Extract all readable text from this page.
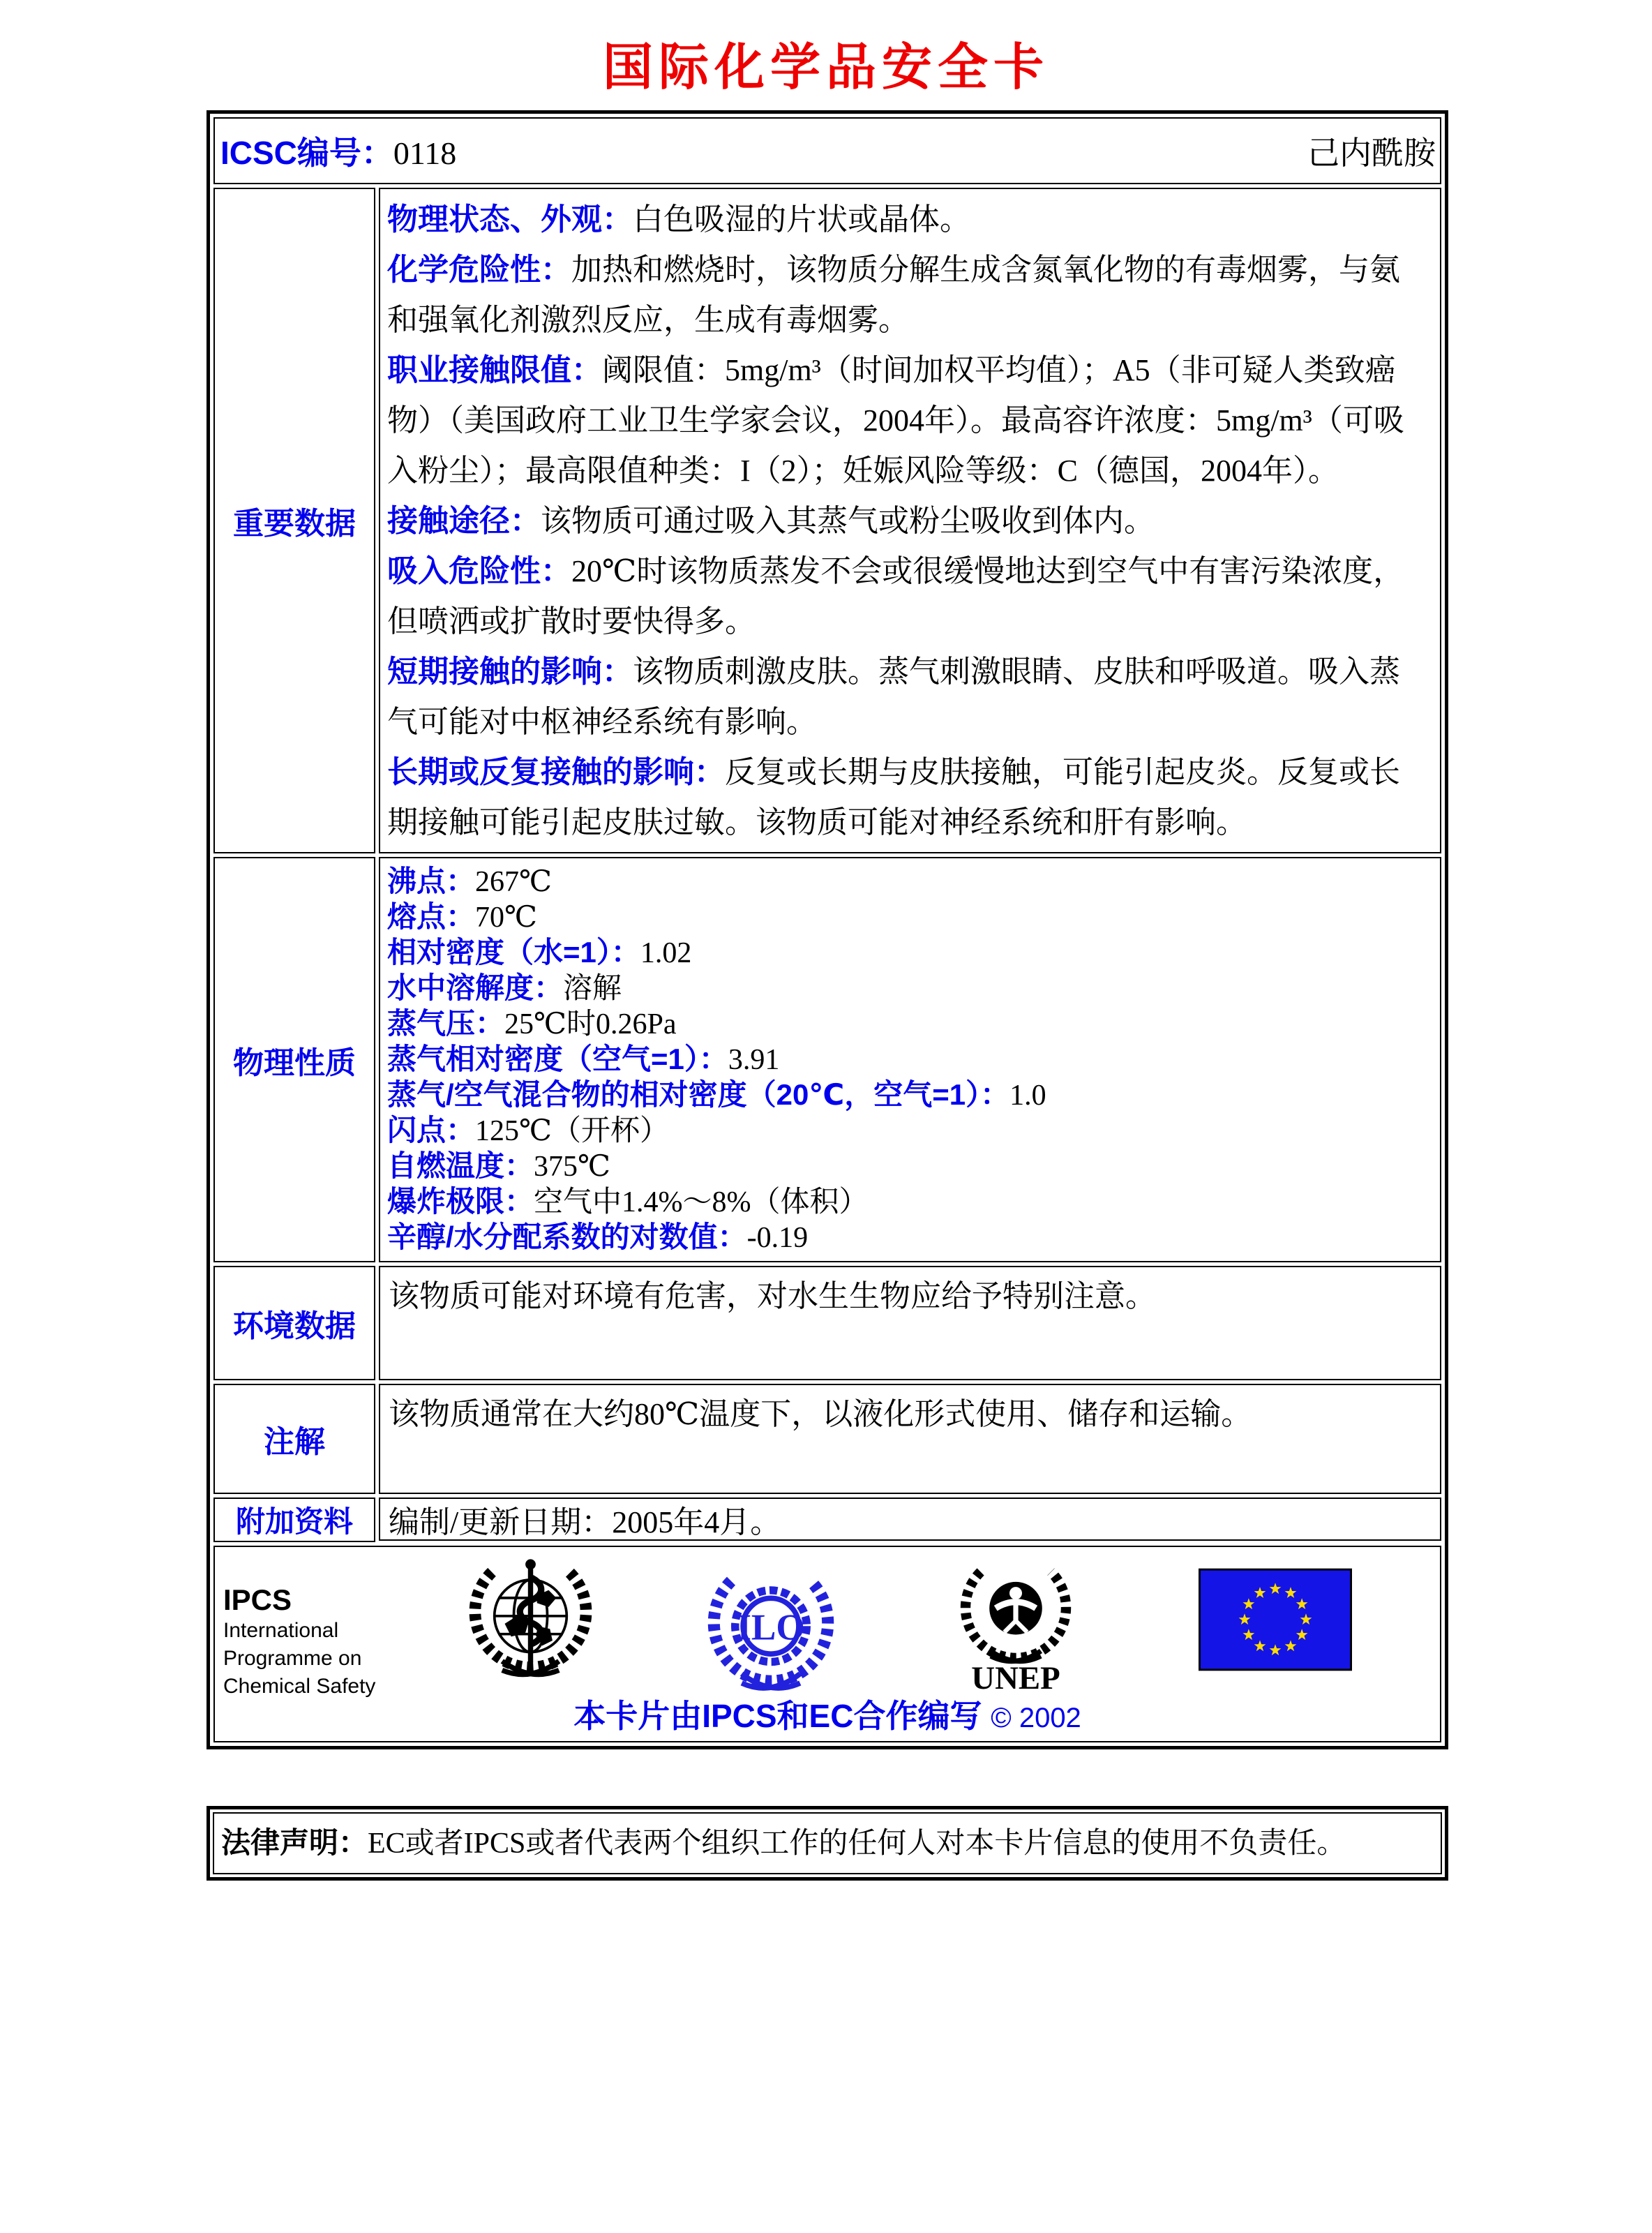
国际化学品安全卡
ICSC编号：0118	己内酰胺
重要数据

物理状态、外观：白色吸湿的片状或晶体。

化学危险性：加热和燃烧时，该物质分解生成含氮氧化物的有毒烟雾，与氨和强氧化剂激烈反应，生成有毒烟雾。

职业接触限值：阈限值：5mg/m³（时间加权平均值）；A5（非可疑人类致癌物）（美国政府工业卫生学家会议，2004年）。最高容许浓度：5mg/m³（可吸入粉尘）；最高限值种类：I（2）；妊娠风险等级：C（德国，2004年）。

接触途径：该物质可通过吸入其蒸气或粉尘吸收到体内。

吸入危险性：20℃时该物质蒸发不会或很缓慢地达到空气中有害污染浓度，但喷洒或扩散时要快得多。

短期接触的影响：该物质刺激皮肤。蒸气刺激眼睛、皮肤和呼吸道。吸入蒸气可能对中枢神经系统有影响。

长期或反复接触的影响：反复或长期与皮肤接触，可能引起皮炎。反复或长期接触可能引起皮肤过敏。该物质可能对神经系统和肝有影响。

物理性质
沸点：267℃
熔点：70℃
相对密度（水=1）：1.02
水中溶解度：溶解
蒸气压：25℃时0.26Pa
蒸气相对密度（空气=1）：3.91
蒸气/空气混合物的相对密度（20℃，空气=1）：1.0
闪点：125℃（开杯）
自燃温度：375℃
爆炸极限：空气中1.4%～8%（体积）
辛醇/水分配系数的对数值：-0.19
环境数据
该物质可能对环境有危害，对水生生物应给予特别注意。
注解
该物质通常在大约80℃温度下，以液化形式使用、储存和运输。
附加资料	编制/更新日期：2005年4月。
IPCS
International
Programme on
Chemical Safety
ILO
UNEP
本卡片由IPCS和EC合作编写 © 2002
法律声明：EC或者IPCS或者代表两个组织工作的任何人对本卡片信息的使用不负责任。
